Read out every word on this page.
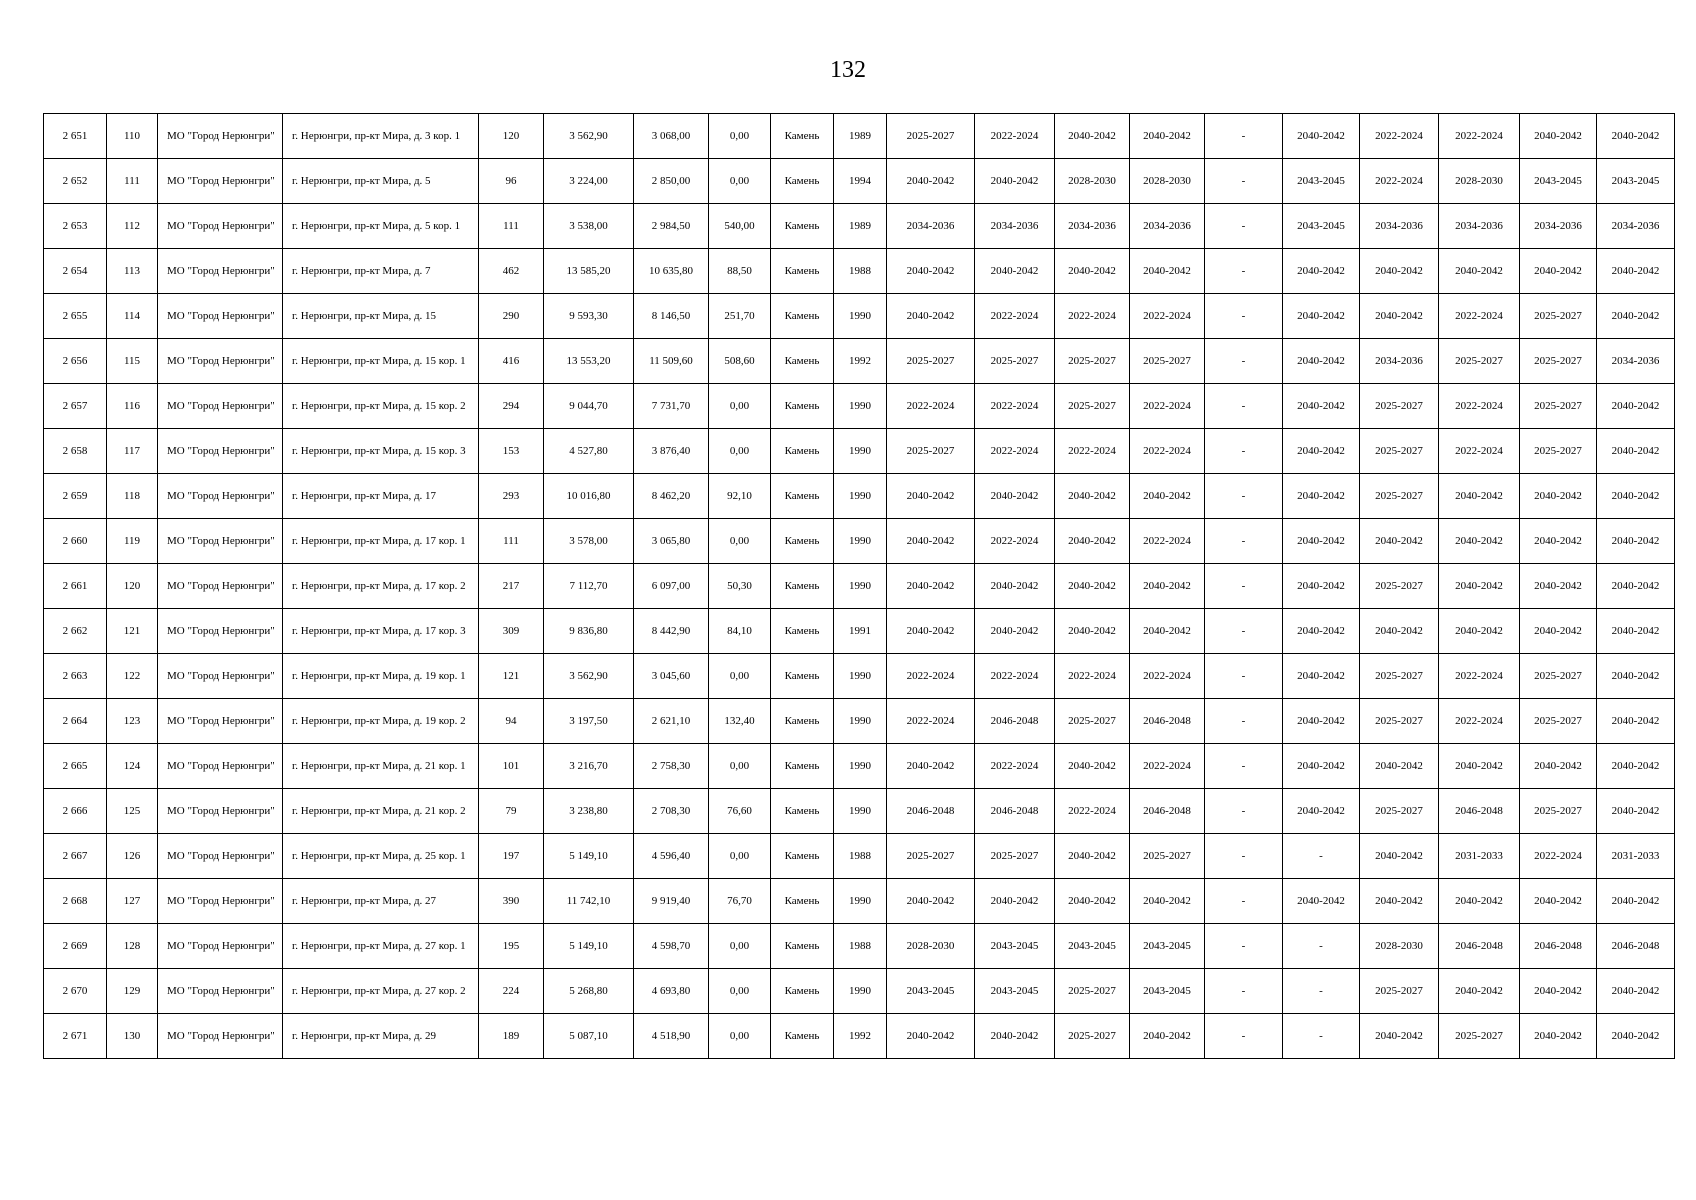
132
2 651	110	МО "Город Нерюнгри"	г. Нерюнгри, пр-кт Мира, д. 3 кор. 1	120	3 562,90	3 068,00	0,00	Камень	1989	2025-2027	2022-2024	2040-2042	2040-2042	-	2040-2042	2022-2024	2022-2024	2040-2042	2040-2042
2 652	111	МО "Город Нерюнгри"	г. Нерюнгри, пр-кт Мира, д. 5	96	3 224,00	2 850,00	0,00	Камень	1994	2040-2042	2040-2042	2028-2030	2028-2030	-	2043-2045	2022-2024	2028-2030	2043-2045	2043-2045
2 653	112	МО "Город Нерюнгри"	г. Нерюнгри, пр-кт Мира, д. 5 кор. 1	111	3 538,00	2 984,50	540,00	Камень	1989	2034-2036	2034-2036	2034-2036	2034-2036	-	2043-2045	2034-2036	2034-2036	2034-2036	2034-2036
2 654	113	МО "Город Нерюнгри"	г. Нерюнгри, пр-кт Мира, д. 7	462	13 585,20	10 635,80	88,50	Камень	1988	2040-2042	2040-2042	2040-2042	2040-2042	-	2040-2042	2040-2042	2040-2042	2040-2042	2040-2042
2 655	114	МО "Город Нерюнгри"	г. Нерюнгри, пр-кт Мира, д. 15	290	9 593,30	8 146,50	251,70	Камень	1990	2040-2042	2022-2024	2022-2024	2022-2024	-	2040-2042	2040-2042	2022-2024	2025-2027	2040-2042
2 656	115	МО "Город Нерюнгри"	г. Нерюнгри, пр-кт Мира, д. 15 кор. 1	416	13 553,20	11 509,60	508,60	Камень	1992	2025-2027	2025-2027	2025-2027	2025-2027	-	2040-2042	2034-2036	2025-2027	2025-2027	2034-2036
2 657	116	МО "Город Нерюнгри"	г. Нерюнгри, пр-кт Мира, д. 15 кор. 2	294	9 044,70	7 731,70	0,00	Камень	1990	2022-2024	2022-2024	2025-2027	2022-2024	-	2040-2042	2025-2027	2022-2024	2025-2027	2040-2042
2 658	117	МО "Город Нерюнгри"	г. Нерюнгри, пр-кт Мира, д. 15 кор. 3	153	4 527,80	3 876,40	0,00	Камень	1990	2025-2027	2022-2024	2022-2024	2022-2024	-	2040-2042	2025-2027	2022-2024	2025-2027	2040-2042
2 659	118	МО "Город Нерюнгри"	г. Нерюнгри, пр-кт Мира, д. 17	293	10 016,80	8 462,20	92,10	Камень	1990	2040-2042	2040-2042	2040-2042	2040-2042	-	2040-2042	2025-2027	2040-2042	2040-2042	2040-2042
2 660	119	МО "Город Нерюнгри"	г. Нерюнгри, пр-кт Мира, д. 17 кор. 1	111	3 578,00	3 065,80	0,00	Камень	1990	2040-2042	2022-2024	2040-2042	2022-2024	-	2040-2042	2040-2042	2040-2042	2040-2042	2040-2042
2 661	120	МО "Город Нерюнгри"	г. Нерюнгри, пр-кт Мира, д. 17 кор. 2	217	7 112,70	6 097,00	50,30	Камень	1990	2040-2042	2040-2042	2040-2042	2040-2042	-	2040-2042	2025-2027	2040-2042	2040-2042	2040-2042
2 662	121	МО "Город Нерюнгри"	г. Нерюнгри, пр-кт Мира, д. 17 кор. 3	309	9 836,80	8 442,90	84,10	Камень	1991	2040-2042	2040-2042	2040-2042	2040-2042	-	2040-2042	2040-2042	2040-2042	2040-2042	2040-2042
2 663	122	МО "Город Нерюнгри"	г. Нерюнгри, пр-кт Мира, д. 19 кор. 1	121	3 562,90	3 045,60	0,00	Камень	1990	2022-2024	2022-2024	2022-2024	2022-2024	-	2040-2042	2025-2027	2022-2024	2025-2027	2040-2042
2 664	123	МО "Город Нерюнгри"	г. Нерюнгри, пр-кт Мира, д. 19 кор. 2	94	3 197,50	2 621,10	132,40	Камень	1990	2022-2024	2046-2048	2025-2027	2046-2048	-	2040-2042	2025-2027	2022-2024	2025-2027	2040-2042
2 665	124	МО "Город Нерюнгри"	г. Нерюнгри, пр-кт Мира, д. 21 кор. 1	101	3 216,70	2 758,30	0,00	Камень	1990	2040-2042	2022-2024	2040-2042	2022-2024	-	2040-2042	2040-2042	2040-2042	2040-2042	2040-2042
2 666	125	МО "Город Нерюнгри"	г. Нерюнгри, пр-кт Мира, д. 21 кор. 2	79	3 238,80	2 708,30	76,60	Камень	1990	2046-2048	2046-2048	2022-2024	2046-2048	-	2040-2042	2025-2027	2046-2048	2025-2027	2040-2042
2 667	126	МО "Город Нерюнгри"	г. Нерюнгри, пр-кт Мира, д. 25 кор. 1	197	5 149,10	4 596,40	0,00	Камень	1988	2025-2027	2025-2027	2040-2042	2025-2027	-	-	2040-2042	2031-2033	2022-2024	2031-2033
2 668	127	МО "Город Нерюнгри"	г. Нерюнгри, пр-кт Мира, д. 27	390	11 742,10	9 919,40	76,70	Камень	1990	2040-2042	2040-2042	2040-2042	2040-2042	-	2040-2042	2040-2042	2040-2042	2040-2042	2040-2042
2 669	128	МО "Город Нерюнгри"	г. Нерюнгри, пр-кт Мира, д. 27 кор. 1	195	5 149,10	4 598,70	0,00	Камень	1988	2028-2030	2043-2045	2043-2045	2043-2045	-	-	2028-2030	2046-2048	2046-2048	2046-2048
2 670	129	МО "Город Нерюнгри"	г. Нерюнгри, пр-кт Мира, д. 27 кор. 2	224	5 268,80	4 693,80	0,00	Камень	1990	2043-2045	2043-2045	2025-2027	2043-2045	-	-	2025-2027	2040-2042	2040-2042	2040-2042
2 671	130	МО "Город Нерюнгри"	г. Нерюнгри, пр-кт Мира, д. 29	189	5 087,10	4 518,90	0,00	Камень	1992	2040-2042	2040-2042	2025-2027	2040-2042	-	-	2040-2042	2025-2027	2040-2042	2040-2042
